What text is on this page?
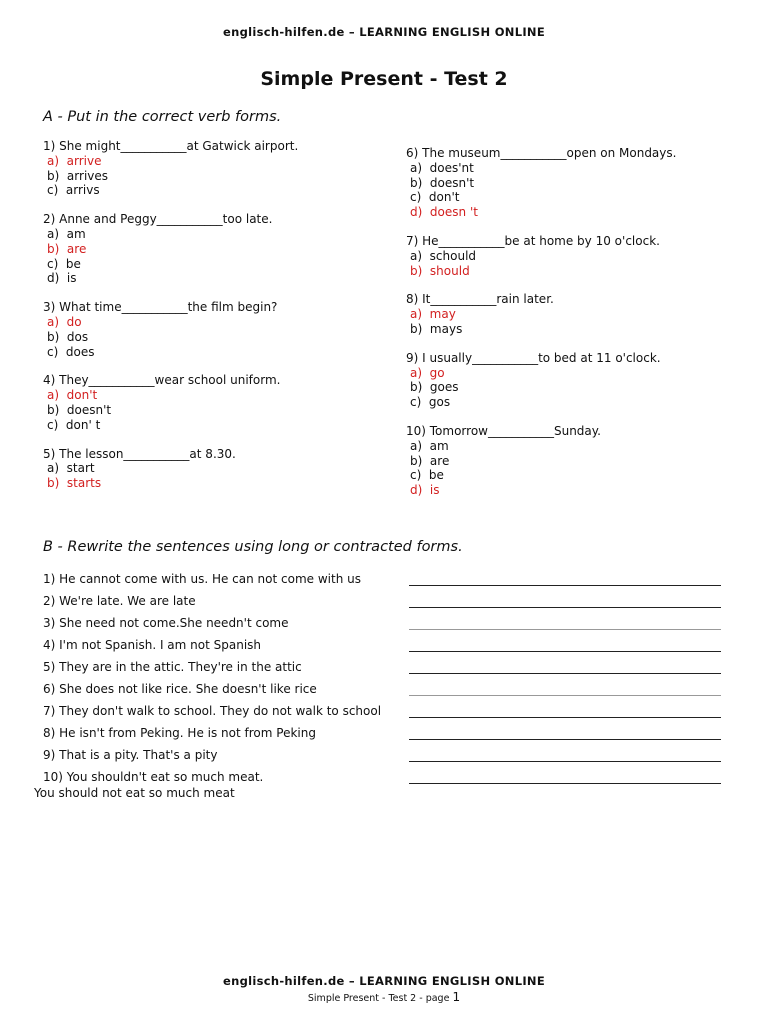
englisch-hilfen.de – LEARNING ENGLISH ONLINE
Simple Present - Test 2
A - Put in the correct verb forms.
1) She might___________at Gatwick airport.
a)  arrive
b)  arrives
c)  arrivs
2) Anne and Peggy___________too late.
a)  am
b)  are
c)  be
d)  is
3) What time___________the film begin?
a)  do
b)  dos
c)  does
4) They___________wear school uniform.
a)  don't
b)  doesn't
c)  don' t
5) The lesson___________at 8.30.
a)  start
b)  starts
6) The museum___________open on Mondays.
a)  does'nt
b)  doesn't
c)  don't
d)  doesn 't
7) He___________be at home by 10 o'clock.
a)  schould
b)  should
8) It___________rain later.
a)  may
b)  mays
9) I usually___________to bed at 11 o'clock.
a)  go
b)  goes
c)  gos
10) Tomorrow___________Sunday.
a)  am
b)  are
c)  be
d)  is
B - Rewrite the sentences using long or contracted forms.
1) He cannot come with us. He can not come with us
2) We're late. We are late
3) She need not come.She needn't come
4) I'm not Spanish. I am not Spanish
5) They are in the attic. They're in the attic
6) She does not like rice. She doesn't like rice
7) They don't walk to school. They do not walk to school
8) He isn't from Peking. He is not from Peking
9) That is a pity. That's a pity
10) You shouldn't eat so much meat.
You should not eat so much meat
englisch-hilfen.de – LEARNING ENGLISH ONLINE
Simple Present - Test 2 - page 1
